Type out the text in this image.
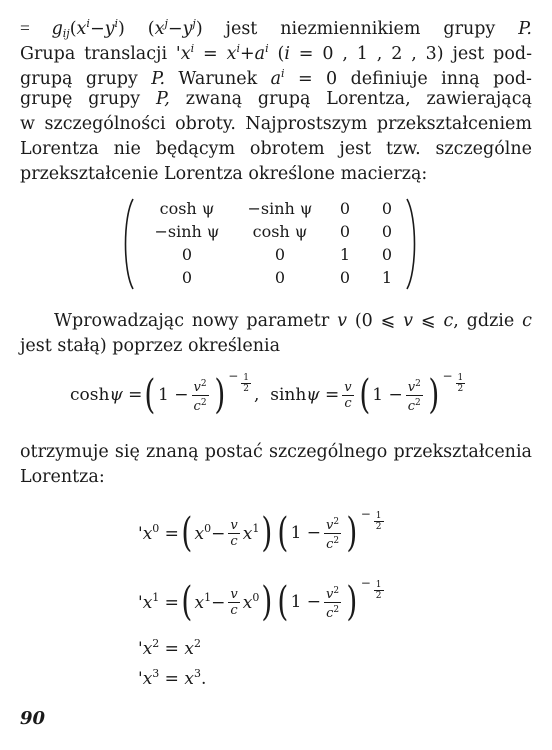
= $g_{ij}(x^i-y^i)$ $(x^j-y^j)$ jest niezmiennikiem grupy P.
Grupa translacji '$x^i = x^i+a^i$ (i = 0 , 1 , 2 , 3) jest pod-
grupą grupy P. Warunek $a^i = 0$ definiuje inną pod-
grupę grupy P, zwaną grupą Lorentza, zawierającą
w szczególności obroty. Najprostszym przekształceniem
Lorentza nie będącym obrotem jest tzw. szczególne
przekształcenie Lorentza określone macierzą:
cosh ψ	−sinh ψ	0	0
−sinh ψ	cosh ψ	0	0
0	0	1	0
0	0	0	1
Wprowadzając nowy parametr v (0 ⩽ v ⩽ c, gdzie c
jest stałą) poprzez określenia
coshψ = ( $1 - \frac{v^2}{c^2}$ ) − $\frac{1}{2}$
,  $\sinh\psi = \frac{v}{c}$ ( $1 - \frac{v^2}{c^2}$ ) − $\frac{1}{2}$
otrzymuje się znaną postać szczególnego przekształcenia
Lorentza:
'$x^0$ = ( $x^0- \frac{v}{c} x^1$ ) ( $1 - \frac{v^2}{c^2}$ ) − $\frac{1}{2}$
'$x^1$ = ( $x^1- \frac{v}{c} x^0$ ) ( $1 - \frac{v^2}{c^2}$ ) − $\frac{1}{2}$
'$x^2 = x^2$
'$x^3 = x^3$.
90
